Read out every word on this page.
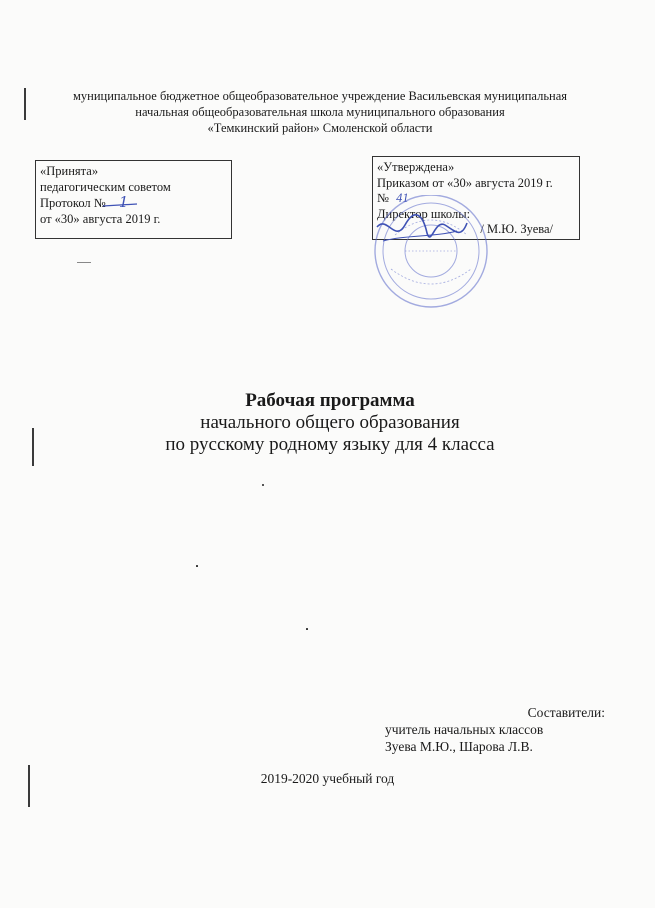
муниципальное бюджетное общеобразовательное учреждение Васильевская муниципальная
начальная общеобразовательная школа муниципального образования
«Темкинский район» Смоленской области
«Принята»
педагогическим советом
Протокол № 1
от «30» августа 2019 г.
«Утверждена»
Приказом от «30» августа 2019 г.
№ 41
Директор школы:
/ М.Ю. Зуева/
Рабочая программа
начального общего образования
по русскому родному языку для 4 класса
Составители:
учитель начальных классов
Зуева М.Ю., Шарова Л.В.
2019-2020 учебный год
